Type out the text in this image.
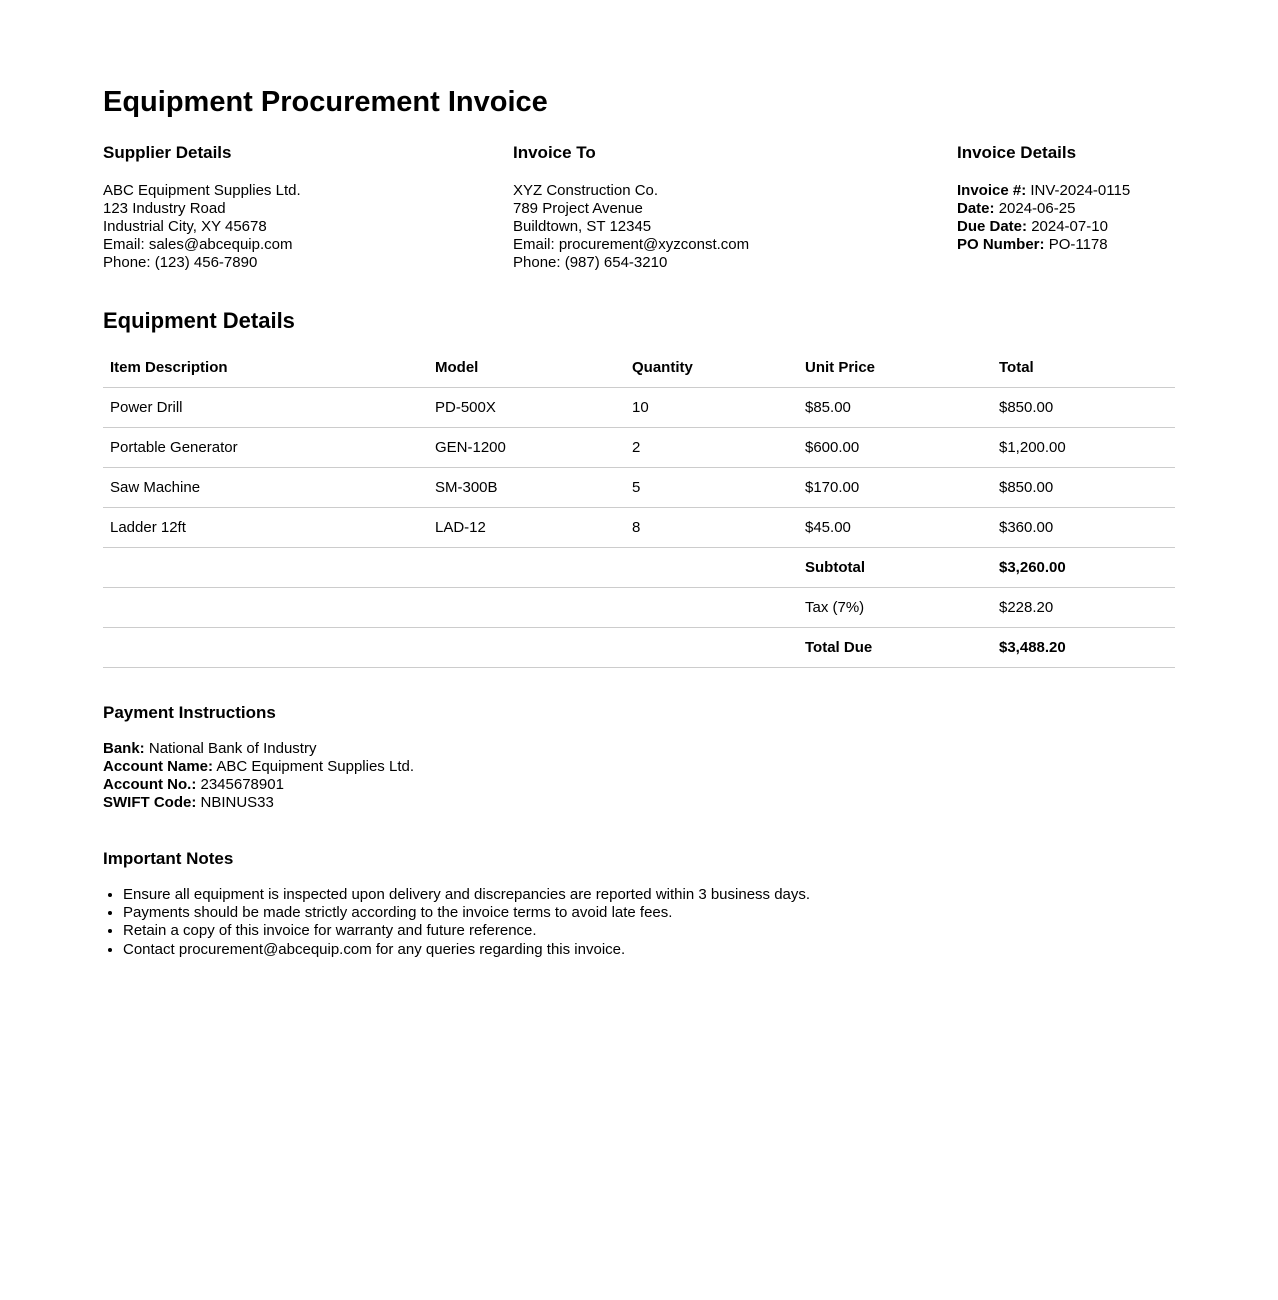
Equipment Procurement Invoice
Supplier Details
ABC Equipment Supplies Ltd.
123 Industry Road
Industrial City, XY 45678
Email: sales@abcequip.com
Phone: (123) 456-7890
Invoice To
XYZ Construction Co.
789 Project Avenue
Buildtown, ST 12345
Email: procurement@xyzconst.com
Phone: (987) 654-3210
Invoice Details
Invoice #: INV-2024-0115
Date: 2024-06-25
Due Date: 2024-07-10
PO Number: PO-1178
Equipment Details
Item Description	Model	Quantity	Unit Price	Total
Power Drill	PD-500X	10	$85.00	$850.00
Portable Generator	GEN-1200	2	$600.00	$1,200.00
Saw Machine	SM-300B	5	$170.00	$850.00
Ladder 12ft	LAD-12	8	$45.00	$360.00
			Subtotal	$3,260.00
			Tax (7%)	$228.20
			Total Due	$3,488.20
Payment Instructions
Bank: National Bank of Industry
Account Name: ABC Equipment Supplies Ltd.
Account No.: 2345678901
SWIFT Code: NBINUS33
Important Notes
• Ensure all equipment is inspected upon delivery and discrepancies are reported within 3 business days.
• Payments should be made strictly according to the invoice terms to avoid late fees.
• Retain a copy of this invoice for warranty and future reference.
• Contact procurement@abcequip.com for any queries regarding this invoice.
